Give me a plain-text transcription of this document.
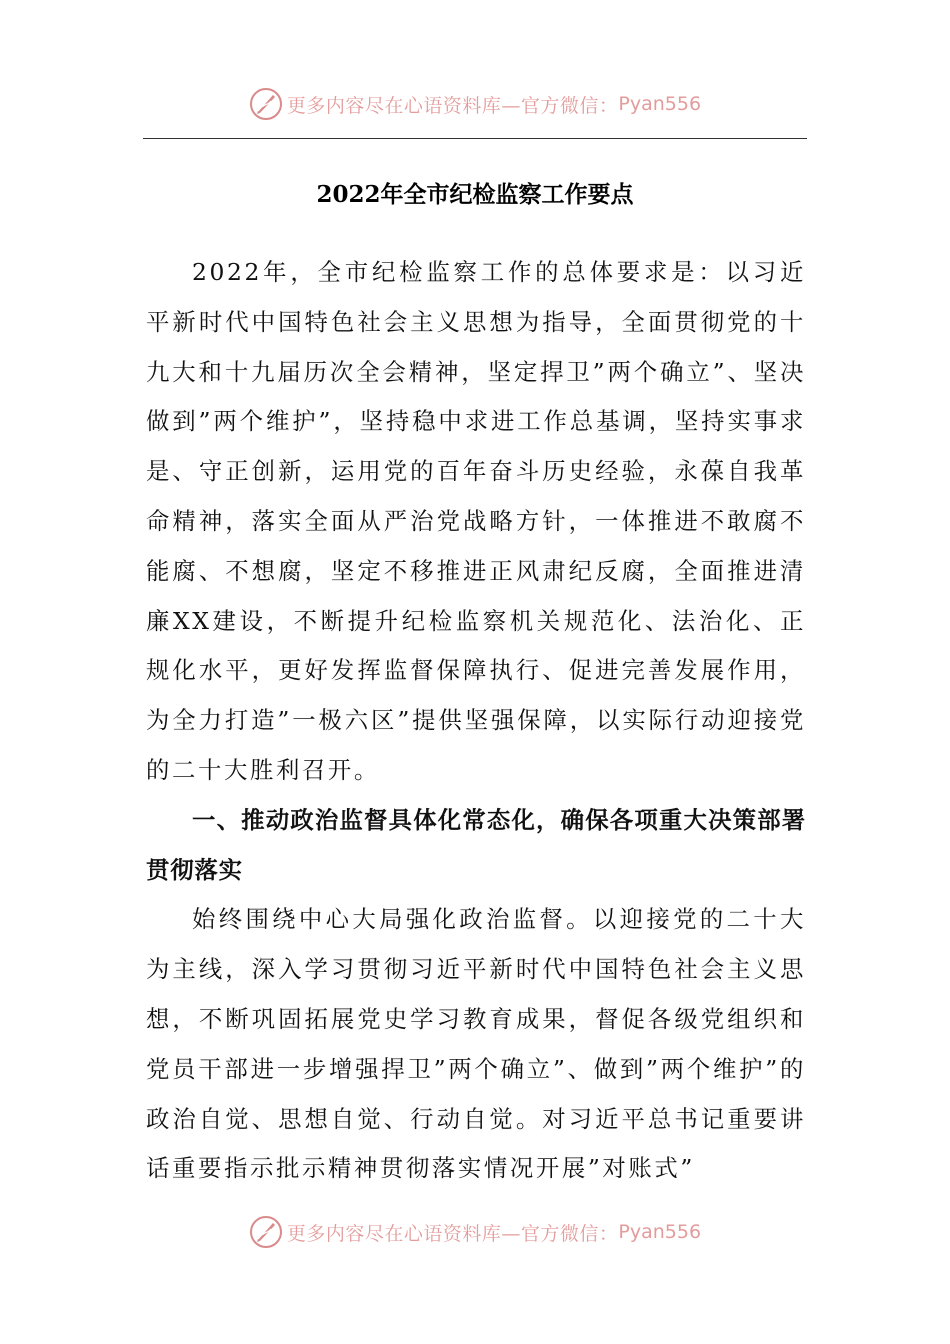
更多内容尽在心语资料库—官方微信： Pyan556
2022年全市纪检监察工作要点

2022年，全市纪检监察工作的总体要求是：以习近平新时代中国特色社会主义思想为指导，全面贯彻党的十九大和十九届历次全会精神，坚定捍卫”两个确立”、坚决做到”两个维护”，坚持稳中求进工作总基调，坚持实事求是、守正创新，运用党的百年奋斗历史经验，永葆自我革命精神，落实全面从严治党战略方针，一体推进不敢腐不能腐、不想腐，坚定不移推进正风肃纪反腐，全面推进清廉XX建设，不断提升纪检监察机关规范化、法治化、正规化水平，更好发挥监督保障执行、促进完善发展作用，为全力打造”一极六区”提供坚强保障，以实际行动迎接党的二十大胜利召开。

一、推动政治监督具体化常态化，确保各项重大决策部署贯彻落实

始终围绕中心大局强化政治监督。以迎接党的二十大为主线，深入学习贯彻习近平新时代中国特色社会主义思想，不断巩固拓展党史学习教育成果，督促各级党组织和党员干部进一步增强捍卫”两个确立”、做到”两个维护”的政治自觉、思想自觉、行动自觉。对习近平总书记重要讲话重要指示批示精神贯彻落实情况开展”对账式”

更多内容尽在心语资料库—官方微信： Pyan556
